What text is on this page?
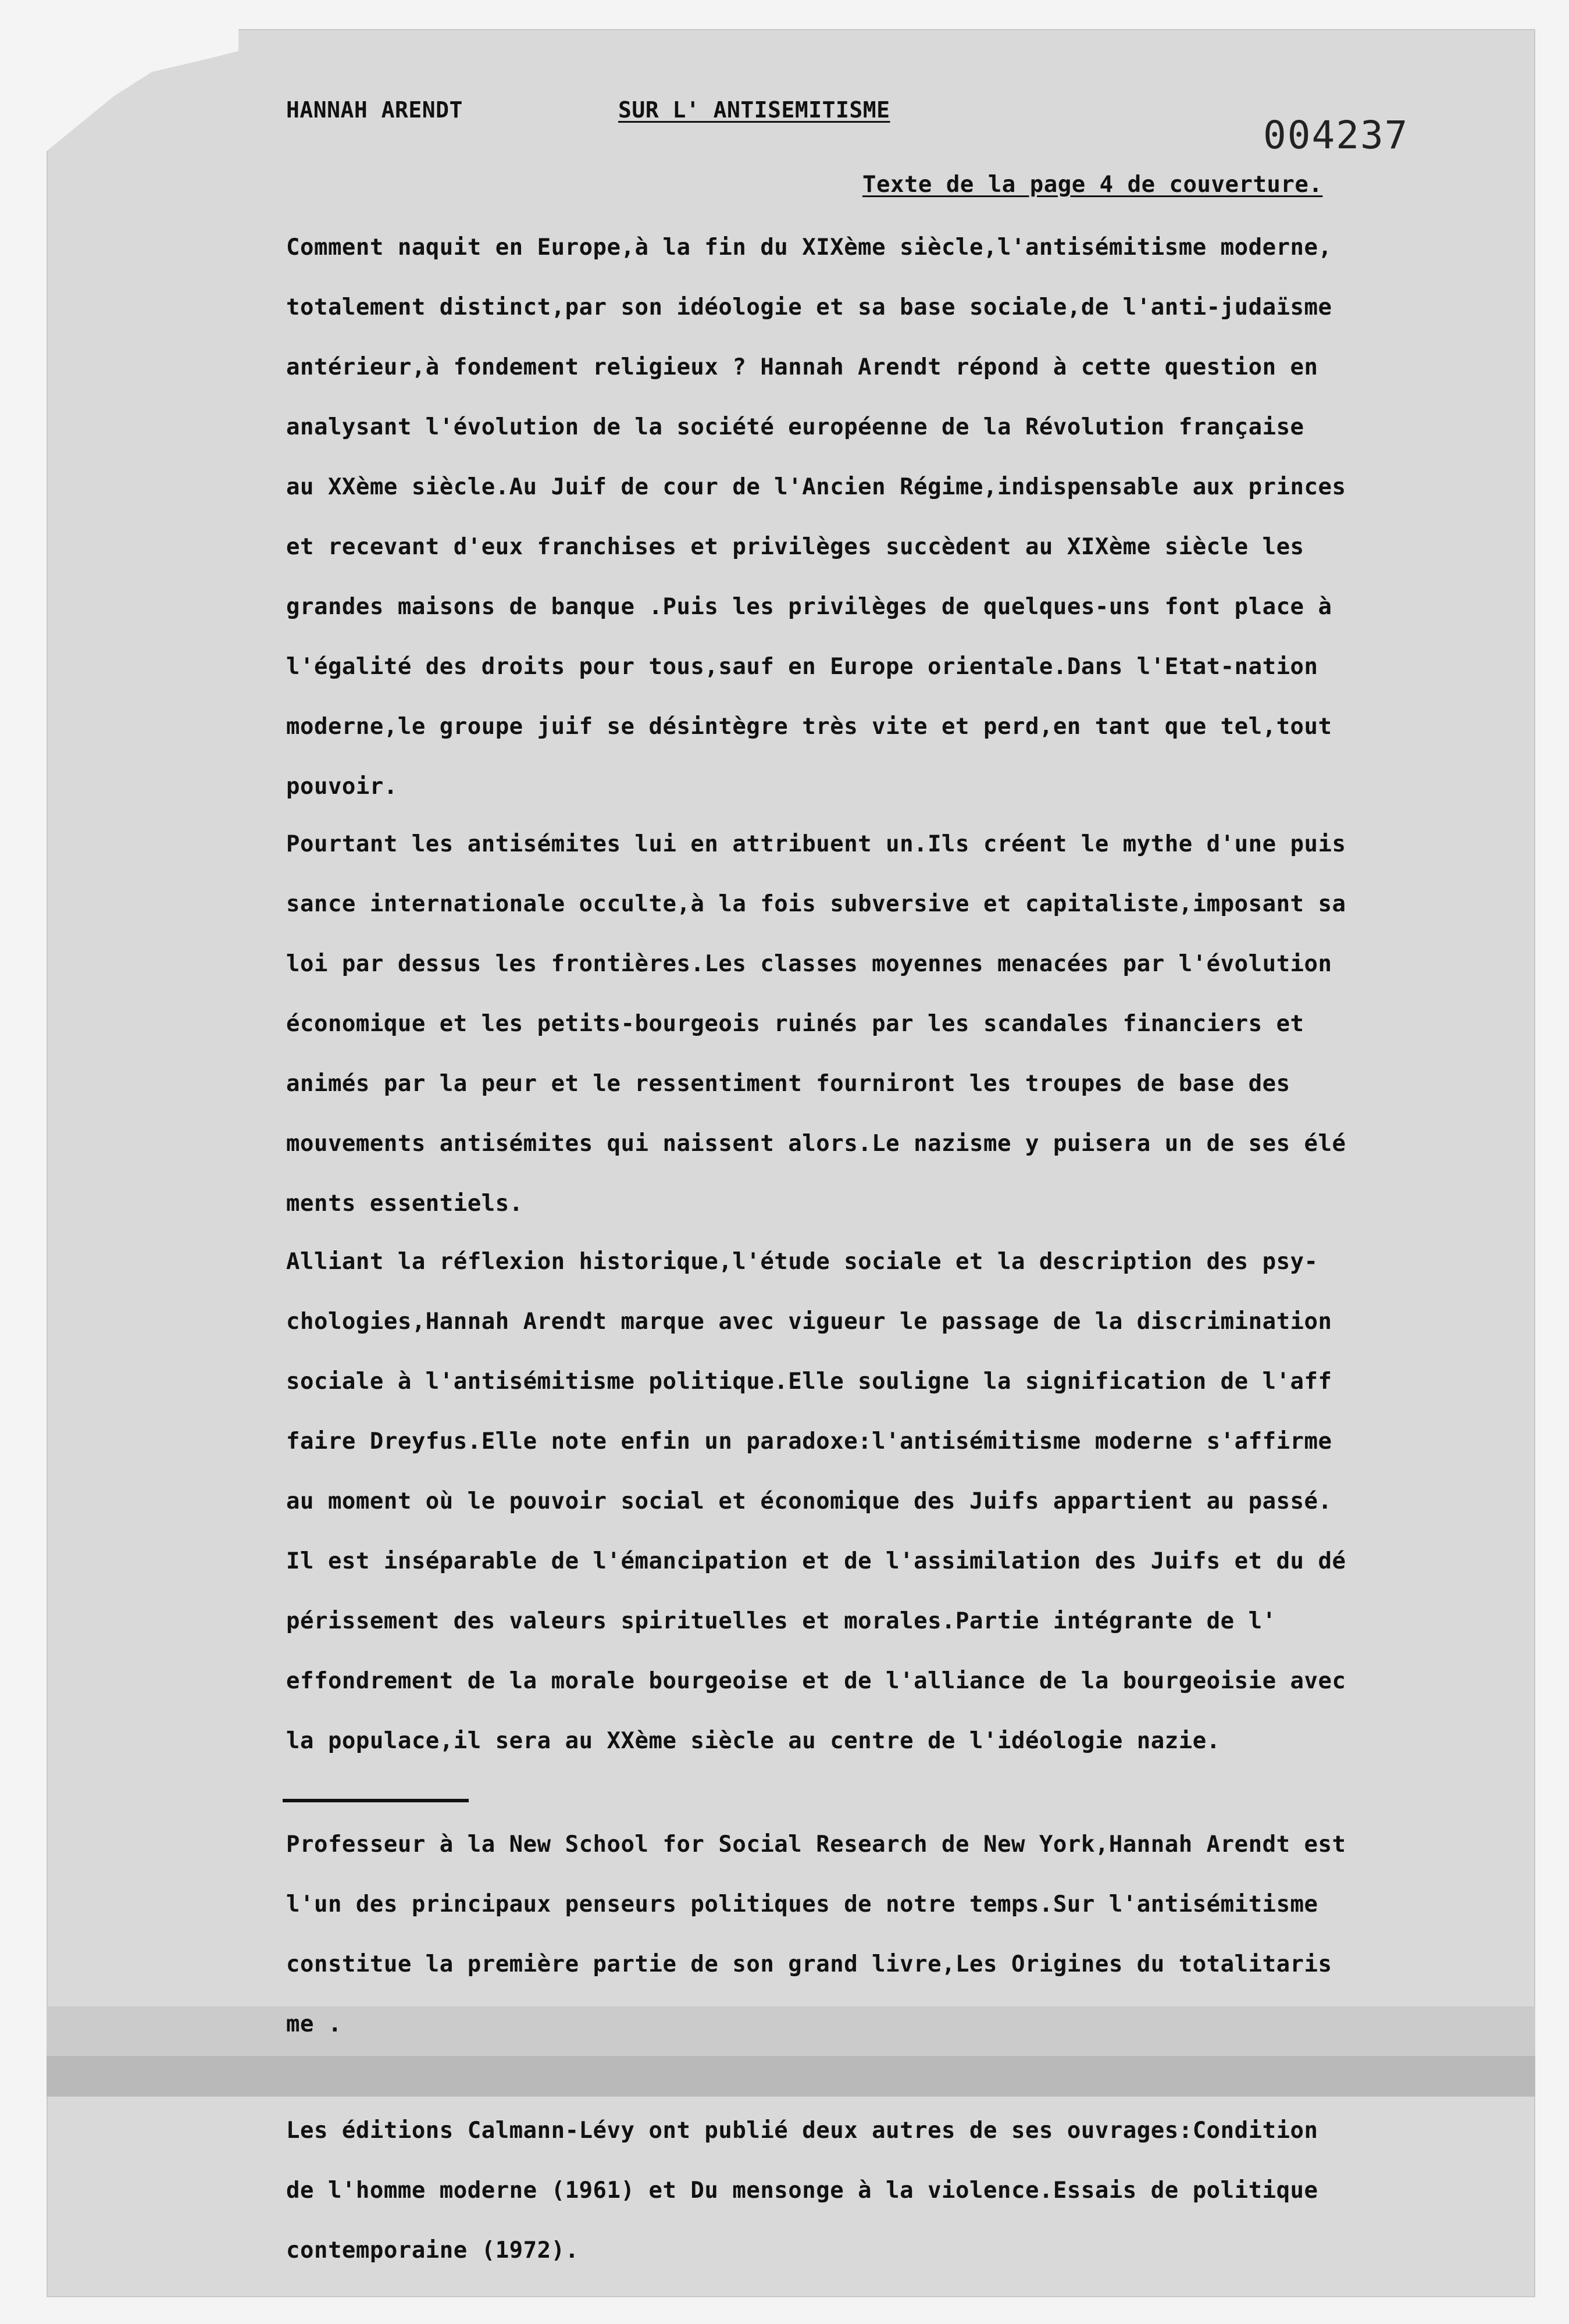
HANNAH ARENDT	SUR L' ANTISEMITISME
004237
Texte de la page 4 de couverture.
Comment naquit en Europe,à la fin du XIXème siècle,l'antisémitisme moderne,
totalement distinct,par son idéologie et sa base sociale,de l'anti-judaïsme
antérieur,à fondement religieux ? Hannah Arendt répond à cette question en
analysant l'évolution de la société européenne de la Révolution française
au XXème siècle.Au Juif de cour de l'Ancien Régime,indispensable aux princes
et recevant d'eux franchises et privilèges succèdent au XIXème siècle les
grandes maisons de banque .Puis les privilèges de quelques-uns font place à
l'égalité des droits pour tous,sauf en Europe orientale.Dans l'Etat-nation
moderne,le groupe juif se désintègre très vite et perd,en tant que tel,tout
pouvoir.
Pourtant les antisémites lui en attribuent un.Ils créent le mythe d'une puis
sance internationale occulte,à la fois subversive et capitaliste,imposant sa
loi par dessus les frontières.Les classes moyennes menacées par l'évolution
économique et les petits-bourgeois ruinés par les scandales financiers et
animés par la peur et le ressentiment fourniront les troupes de base des
mouvements antisémites qui naissent alors.Le nazisme y puisera un de ses élé
ments essentiels.
Alliant la réflexion historique,l'étude sociale et la description des psy-
chologies,Hannah Arendt marque avec vigueur le passage de la discrimination
sociale à l'antisémitisme politique.Elle souligne la signification de l'aff
faire Dreyfus.Elle note enfin un paradoxe:l'antisémitisme moderne s'affirme
au moment où le pouvoir social et économique des Juifs appartient au passé.
Il est inséparable de l'émancipation et de l'assimilation des Juifs et du dé
périssement des valeurs spirituelles et morales.Partie intégrante de l'
effondrement de la morale bourgeoise et de l'alliance de la bourgeoisie avec
la populace,il sera au XXème siècle au centre de l'idéologie nazie.
Professeur à la New School for Social Research de New York,Hannah Arendt est
l'un des principaux penseurs politiques de notre temps.Sur l'antisémitisme
constitue la première partie de son grand livre,Les Origines du totalitaris
me .
Les éditions Calmann-Lévy ont publié deux autres de ses ouvrages:Condition
de l'homme moderne (1961) et Du mensonge à la violence.Essais de politique
contemporaine (1972).
